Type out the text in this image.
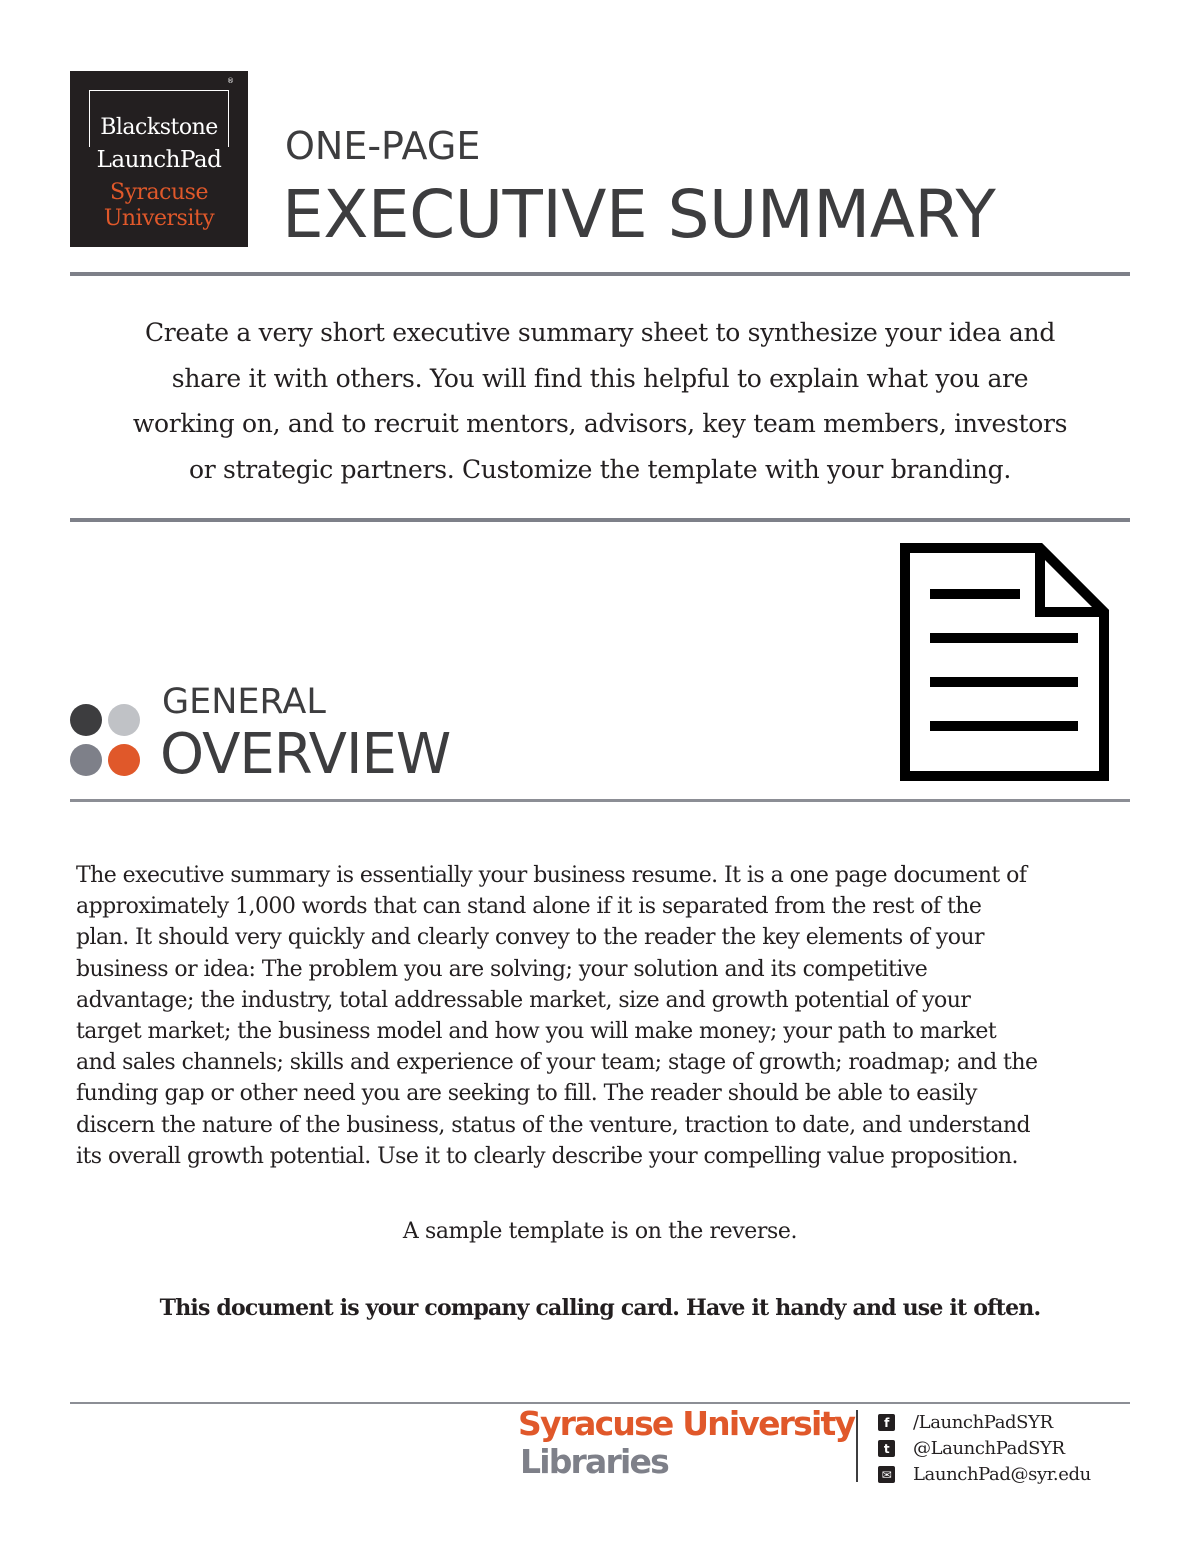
®
Blackstone
LaunchPad
Syracuse
University
ONE-PAGE
EXECUTIVE SUMMARY
Create a very short executive summary sheet to synthesize your idea and
share it with others. You will find this helpful to explain what you are
working on, and to recruit mentors, advisors, key team members, investors
or strategic partners. Customize the template with your branding.
GENERAL
OVERVIEW
The executive summary is essentially your business resume. It is a one page document of
approximately 1,000 words that can stand alone if it is separated from the rest of the
plan. It should very quickly and clearly convey to the reader the key elements of your
business or idea: The problem you are solving; your solution and its competitive
advantage; the industry, total addressable market, size and growth potential of your
target market; the business model and how you will make money; your path to market
and sales channels; skills and experience of your team; stage of growth; roadmap; and the
funding gap or other need you are seeking to fill. The reader should be able to easily
discern the nature of the business, status of the venture, traction to date, and understand
its overall growth potential. Use it to clearly describe your compelling value proposition.
A sample template is on the reverse.
This document is your company calling card. Have it handy and use it often.
Syracuse University
Libraries
f	/LaunchPadSYR
t	@LaunchPadSYR
✉ LaunchPad@syr.edu
